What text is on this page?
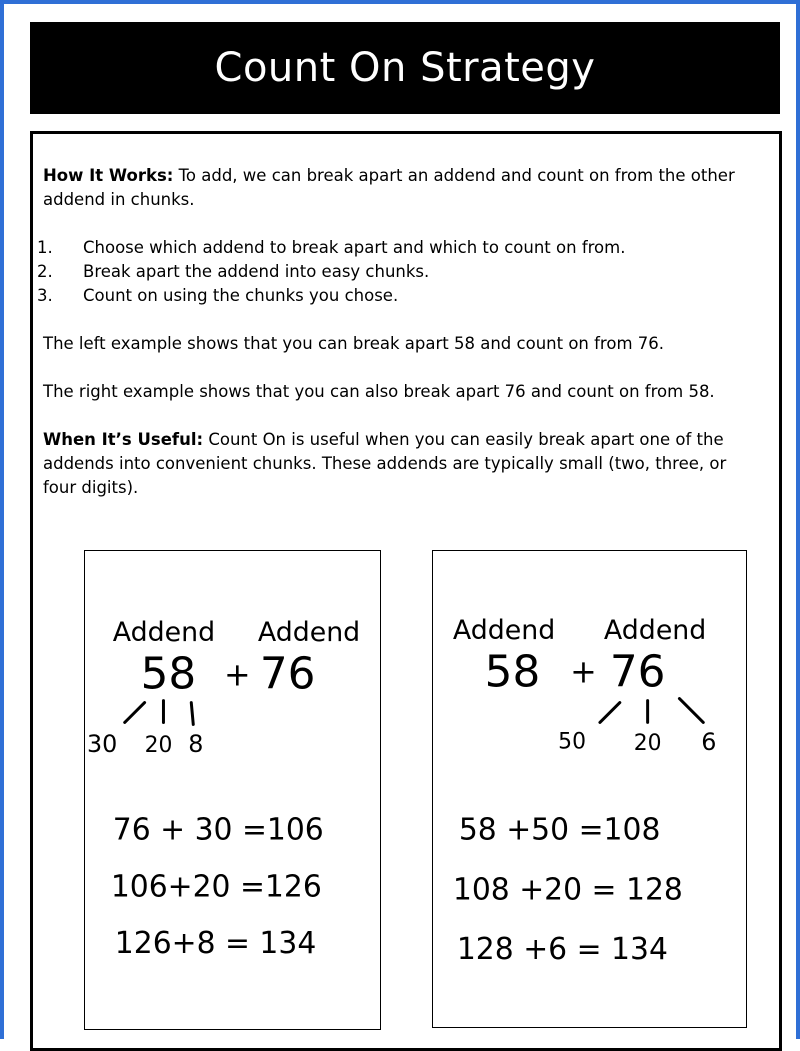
Count On Strategy

How It Works: To add, we can break apart an addend and count on from the other addend in chunks.

1.	Choose which addend to break apart and which to count on from.
2.	Break apart the addend into easy chunks.
3.	Count on using the chunks you chose.

The left example shows that you can break apart 58 and count on from 76.

The right example shows that you can also break apart 76 and count on from 58.

When It’s Useful: Count On is useful when you can easily break apart one of the addends into convenient chunks. These addends are typically small (two, three, or four digits).

Addend Addend
58 + 76
30 20 8
76 + 30 =106
106+20 =126
126+8 = 134
Addend Addend
58 + 76
50 20 6
58 +50 =108
108 +20 = 128
128 +6 = 134
